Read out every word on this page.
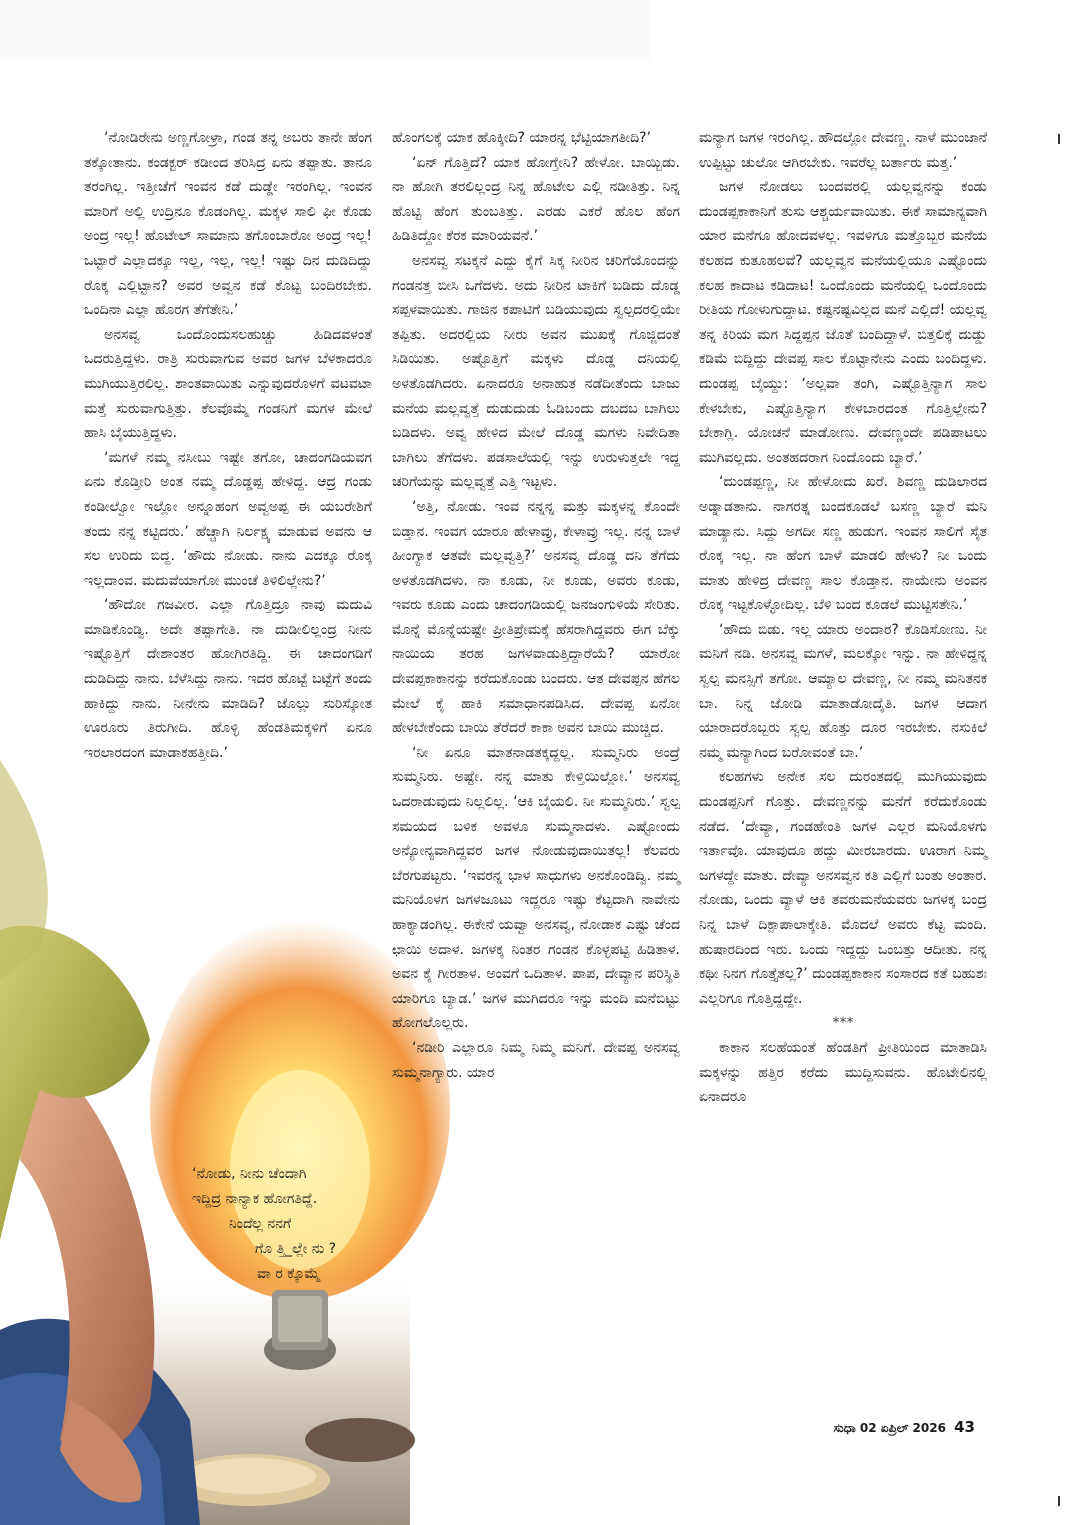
‘ನೋಡಿರೇನು ಅಣ್ಣಗೋಳ್ರಾ, ಗಂಡ ತನ್ನ ಅಬರು ತಾನೇ ಹೆಂಗ ತಕ್ಕೋತಾನು. ಕಂಡಕ್ಟರ್ ಕಡೀಂದ ತರಿಸಿದ್ರ ಏನು ತಪ್ಪಾತು. ತಾನೂ ತರಂಗಿಲ್ಲ. ಇತ್ತೀಚೆಗೆ ಇಂವನ ಕಡೆ ದುಡ್ಡೇ ಇರಂಗಿಲ್ಲ. ಇಂವನ ಮಾರಿಗೆ ಅಲ್ಲಿ ಉದ್ರಿನೂ ಕೊಡಂಗಿಲ್ಲ. ಮಕ್ಕಳ ಸಾಲಿ ಫೀ ಕೊಡು ಅಂದ್ರ ಇಲ್ಲ! ಹೊಟೇಲ್ ಸಾಮಾನು ತಗೊಂಬಾರೋ ಅಂದ್ರ ಇಲ್ಲ! ಒಟ್ಟಾರೆ ಎಲ್ಲಾದಕ್ಕೂ ಇಲ್ಲ, ಇಲ್ಲ, ಇಲ್ಲ! ಇಷ್ಟು ದಿನ ದುಡಿದಿದ್ದು ರೊಕ್ಕ ಎಲ್ಲಿಟ್ಟಾನ? ಅವರ ಅವ್ವನ ಕಡೆ ಕೊಟ್ಟ ಬಂದಿರಬೇಕು. ಒಂದಿನಾ ಎಲ್ಲಾ ಹೊರಗ ತೆಗೆತೇನಿ.’

ಅನಸವ್ವ ಒಂದೊಂದುಸಲಹುಚ್ಚು ಹಿಡಿದವಳಂತೆ ಒದರುತ್ತಿದ್ದಳು. ರಾತ್ರಿ ಸುರುವಾಗುವ ಅವರ ಜಗಳ ಬೆಳಕಾದರೂ ಮುಗಿಯುತ್ತಿರಲಿಲ್ಲ. ಶಾಂತವಾಯಿತು ಎನ್ನುವುದರೊಳಗೆ ವಟವಟಾ ಮತ್ತೆ ಸುರುವಾಗುತ್ತಿತ್ತು. ಕೆಲವೊಮ್ಮೆ ಗಂಡನಿಗೆ ಮಗಳ ಮೇಲೆ ಹಾಸಿ ಬೈಯುತ್ತಿದ್ದಳು.

‘ಮಗಳೆ ನಮ್ಮ ನಸೀಬು ಇಷ್ಟೇ ತಗೋ, ಚಾದಂಗಡಿಯವಗ ಏನು ಕೊಡ್ತೀರಿ ಅಂತ ನಮ್ಮ ದೊಡ್ಡಪ್ಪ ಹೇಳಿದ್ದ. ಆದ್ರ ಗಂಡು ಕಂಡೀಲ್ವೋ ಇಲ್ಲೋ ಅನ್ನೂಹಂಗ ಅವ್ವಅಪ್ಪ ಈ ಯಬರೇಶಿಗೆ ತಂದು ನನ್ನ ಕಟ್ಟಿದರು.’ ಹೆಚ್ಚಾಗಿ ನಿರ್ಲಕ್ಷ್ಯ ಮಾಡುವ ಅವನು ಆ ಸಲ ಉರಿದು ಬಿದ್ದ. ‘ಹೌದು ನೋಡು. ನಾನು ಎದಕ್ಕೂ ರೊಕ್ಕ ಇಲ್ಲದಾಂವ. ಮದುವೆಯಾಗೋ ಮುಂಚೆ ತಿಳಿಲಿಲ್ಲೇನು?’

‘ಹೌದೋ ಗಜವೀರ. ಎಲ್ಲಾ ಗೊತ್ತಿದ್ರೂ ನಾವು ಮದುವಿ ಮಾಡಿಕೊಂಡ್ವಿ. ಅದೇ ತಪ್ಪಾಗೇತಿ. ನಾ ದುಡೀಲಿಲ್ಲಂದ್ರ ನೀನು ಇಷ್ಟೊತ್ತಿಗೆ ದೇಶಾಂತರ ಹೋಗಿರತಿದ್ದಿ. ಈ ಚಾದಂಗಡಿಗೆ ದುಡಿದಿದ್ದು ನಾನು. ಬೆಳೆಸಿದ್ದು ನಾನು. ಇದರ ಹೊಟ್ಟೆ ಬಟ್ಟೆಗೆ ತಂದು ಹಾಕಿದ್ದು ನಾನು. ನೀನೇನು ಮಾಡಿದಿ? ಜೊಲ್ಲು ಸುರಿಸ್ಕೋತ ಊರೂರು ತಿರುಗೀದಿ. ಹೊಳ್ಳಿ ಹೆಂಡತಿಮಕ್ಕಳಿಗೆ ಏನೂ ಇರಲಾರದಂಗ ಮಾಡಾಕಹತ್ತೀದಿ.’

‘ನೋಡು, ನೀನು ಚೆಂದಾಗಿ
ಇದ್ದಿದ್ರ ನಾನ್ಯಾಕ ಹೋಗತಿದ್ದೆ.
ನಿಂದೆಲ್ಲ ನನಗೆ
ಗೊ ತ್ತಿ_ಲ್ಲೇ ನು ?
ವಾ ರ ಕ್ಕೊಮ್ಮೆ

ಹೊಂಗಲಕ್ಕೆ ಯಾಕ ಹೊಕ್ಕೀದಿ? ಯಾರನ್ನ ಭೆಟ್ಟಿಯಾಗತೀದಿ?’

‘ಏನ್ ಗೊತ್ತಿದೆ? ಯಾಕ ಹೋಗ್ತೇನಿ? ಹೇಳೋ. ಬಾಯ್ಬಿಡು. ನಾ ಹೋಗಿ ತರಲಿಲ್ಲಂದ್ರ ನಿನ್ನ ಹೊಟೇಲ ಎಲ್ಲಿ ನಡೀತಿತ್ತು. ನಿನ್ನ ಹೊಟ್ಟಿ ಹೆಂಗ ತುಂಬತಿತ್ತು. ಎರಡು ಎಕರೆ ಹೊಲ ಹೆಂಗ ಹಿಡಿತಿದ್ದೋ ಕೆರಕ ಮಾರಿಯವನೆ.’

ಅನಸವ್ವ ಸಟಕ್ಕನೆ ಎದ್ದು ಕೈಗೆ ಸಿಕ್ಕ ನೀರಿನ ಚರಿಗೆಯೊಂದನ್ನು ಗಂಡನತ್ತ ಬೀಸಿ ಒಗೆದಳು. ಅದು ನೀರಿನ ಟಾಕಿಗೆ ಬಡಿದು ದೊಡ್ಡ ಸಪ್ಪಳವಾಯಿತು. ಗಾಜಿನ ಕಪಾಟಿಗೆ ಬಡಿಯುವುದು ಸ್ವಲ್ಪದರಲ್ಲಿಯೇ ತಪ್ಪಿತು. ಅದರಲ್ಲಿಯ ನೀರು ಅವನ ಮುಖಕ್ಕೆ ಗೊಜ್ಜಿದಂತೆ ಸಿಡಿಯಿತು. ಅಷ್ಟೊತ್ತಿಗೆ ಮಕ್ಕಳು ದೊಡ್ಡ ದನಿಯಲ್ಲಿ ಅಳತೊಡಗಿದರು. ಏನಾದರೂ ಅನಾಹುತ ನಡೆದೀತೆಂದು ಬಾಜು ಮನೆಯ ಮಲ್ಲವ್ವತ್ತೆ ದುಡುದುಡು ಓಡಿಬಂದು ದಬದಬ ಬಾಗಿಲು ಬಡಿದಳು. ಅವ್ವ ಹೇಳಿದ ಮೇಲೆ ದೊಡ್ಡ ಮಗಳು ನಿವೇದಿತಾ ಬಾಗಿಲು ತೆಗೆದಳು. ಪಡಸಾಲೆಯಲ್ಲಿ ಇನ್ನು ಉರುಳುತ್ತಲೇ ಇದ್ದ ಚರಿಗೆಯನ್ನು ಮಲ್ಲವ್ವತ್ತೆ ಎತ್ತಿ ಇಟ್ಟಳು.

‘ಅತ್ತಿ, ನೋಡು. ಇಂವ ನನ್ನನ್ನ ಮತ್ತು ಮಕ್ಕಳನ್ನ ಕೊಂದೇ ಬಿಡ್ತಾನ. ಇಂವಗ ಯಾರೂ ಹೇಳಾವ್ರು, ಕೇಳಾವ್ರು ಇಲ್ಲ. ನನ್ನ ಬಾಳೆ ಹೀಂಗ್ಯಾಕ ಆತವೇ ಮಲ್ಲವ್ವತ್ತಿ?’ ಅನಸವ್ವ ದೊಡ್ಡ ದನಿ ತೆಗೆದು ಅಳತೊಡಗಿದಳು. ನಾ ಕೂಡು, ನೀ ಕೂಡು, ಅವರು ಕೂಡು, ಇವರು ಕೂಡು ಎಂದು ಚಾದಂಗಡಿಯಲ್ಲಿ ಜನಜಂಗುಳಿಯೆ ಸೇರಿತು. ಮೊನ್ನೆ ಮೊನ್ನೆಯಷ್ಟೇ ಪ್ರೀತಿಪ್ರೇಮಕ್ಕೆ ಹೆಸರಾಗಿದ್ದವರು ಈಗ ಬೆಕ್ಕು ನಾಯಿಯ ತರಹ ಜಗಳವಾಡುತ್ತಿದ್ದಾರೆಯೆ? ಯಾರೋ ದೇವಪ್ಪಕಾಕಾನನ್ನು ಕರೆದುಕೊಂಡು ಬಂದರು. ಆತ ದೇವಪ್ಪನ ಹೆಗಲ ಮೇಲೆ ಕೈ ಹಾಕಿ ಸಮಾಧಾನಪಡಿಸಿದ. ದೇವಪ್ಪ ಏನೋ ಹೇಳಬೇಕೆಂದು ಬಾಯಿ ತೆರೆದರೆ ಕಾಕಾ ಅವನ ಬಾಯಿ ಮುಚ್ಚಿದ.

‘ನೀ ಏನೂ ಮಾತನಾಡತಕ್ಕದ್ದಲ್ಲ. ಸುಮ್ಮನಿರು ಅಂದ್ರೆ ಸುಮ್ಮನಿರು. ಅಷ್ಟೇ. ನನ್ನ ಮಾತು ಕೇಳ್ತಿಯಿಲ್ಲೋ.’ ಅನಸವ್ವ ಒದರಾಡುವುದು ನಿಲ್ಲಲಿಲ್ಲ. ‘ಆಕಿ ಬೈಯಲಿ. ನೀ ಸುಮ್ಮನಿರು.’ ಸ್ವಲ್ಪ ಸಮಯದ ಬಳಿಕ ಅವಳೂ ಸುಮ್ಮನಾದಳು. ಎಷ್ಟೋಂದು ಅನ್ಯೋನ್ಯವಾಗಿದ್ದವರ ಜಗಳ ನೋಡುವುದಾಯಿತಲ್ಲ! ಕೆಲವರು ಬೆರಗುಪಟ್ಟರು. ‘ಇವರನ್ನ ಭಾಳ ಸಾಧುಗಳು ಅನಕೊಂಡಿದ್ವಿ. ನಮ್ಮ ಮನಿಯೊಳಗ ಜಗಳಜೂಟು ಇದ್ದರೂ ಇಷ್ಟು ಕೆಟ್ಟದಾಗಿ ನಾವೇನು ಹಾಕ್ಯಾಡಂಗಿಲ್ಲ. ಈಕೇನೆ ಯವ್ವಾ ಅನಸವ್ವ, ನೋಡಾಕ ಎಷ್ಟು ಚೆಂದ ಛಾಯಿ ಅದಾಳ. ಜಗಳಕ್ಕ ನಿಂತರ ಗಂಡನ ಕೊಳ್ಳಪಟ್ಟಿ ಹಿಡಿತಾಳ. ಅವನ ಕೈ ಗೀರತಾಳ. ಅಂವಗೆ ಒದಿತಾಳ. ಪಾಪ, ದೇವ್ಯಾನ ಪರಿಸ್ಥಿತಿ ಯಾರಿಗೂ ಬ್ಯಾಡ.’ ಜಗಳ ಮುಗಿದರೂ ಇನ್ನು ಮಂದಿ ಮನೆಬಿಟ್ಟು ಹೋಗಲೊಲ್ಲರು.

‘ನಡೀರಿ ಎಲ್ಲಾರೂ ನಿಮ್ಮ ನಿಮ್ಮ ಮನಿಗೆ. ದೇವಪ್ಪ ಅನಸವ್ವ ಸುಮ್ಮನಾಗ್ಯಾರು. ಯಾರ

ಮನ್ಯಾಗ ಜಗಳ ಇರಂಗಿಲ್ಲ. ಹೌದಲ್ಲೋ ದೇವಣ್ಣ. ನಾಳೆ ಮುಂಜಾನೆ ಉಪ್ಪಿಟ್ಟು ಚುಲೋ ಆಗಿರಬೇಕು. ಇವರೆಲ್ಲ ಬರ್ತಾರು ಮತ್ತ.’

ಜಗಳ ನೋಡಲು ಬಂದವರಲ್ಲಿ ಯಲ್ಲವ್ವನನ್ನು ಕಂಡು ದುಂಡಪ್ಪಕಾಕಾನಿಗೆ ತುಸು ಆಶ್ಚರ್ಯವಾಯಿತು. ಈಕೆ ಸಾಮಾನ್ಯವಾಗಿ ಯಾರ ಮನೆಗೂ ಹೋದವಳಲ್ಲ. ಇವಳಿಗೂ ಮತ್ತೊಬ್ಬರ ಮನೆಯ ಕಲಹದ ಕುತೂಹಲವೆ? ಯಲ್ಲವ್ವನ ಮನೆಯಲ್ಲಿಯೂ ಎಷ್ಟೊಂದು ಕಲಹ ಕಾದಾಟ ಕಡಿದಾಟ! ಒಂದೊಂದು ಮನೆಯಲ್ಲಿ ಒಂದೊಂದು ರೀತಿಯ ಗೋಳುಗುದ್ದಾಟ. ಕಷ್ಟನಷ್ಟವಿಲ್ಲದ ಮನೆ ಎಲ್ಲಿದೆ! ಯಲ್ಲವ್ವ ತನ್ನ ಕಿರಿಯ ಮಗ ಸಿದ್ದಪ್ಪನ ಜೊತೆ ಬಂದಿದ್ದಾಳೆ. ಬಿತ್ತಲಿಕ್ಕೆ ದುಡ್ಡು ಕಡಿಮೆ ಬಿದ್ದಿದ್ದು ದೇವಪ್ಪ ಸಾಲ ಕೊಟ್ಟಾನೇನು ಎಂದು ಬಂದಿದ್ದಳು. ದುಂಡಪ್ಪ ಬೈಯ್ದು: ‘ಅಲ್ಲವಾ ತಂಗಿ, ಎಷ್ಟೊತ್ತಿನ್ಯಾಗ ಸಾಲ ಕೇಳಬೇಕು, ಎಷ್ಟೊತ್ತಿನ್ಯಾಗ ಕೇಳಬಾರದಂತ ಗೊತ್ತಿಲ್ಲೇನು? ಬೇಕಾಗ್ಲಿ. ಯೋಚನೆ ಮಾಡೋಣು. ದೇವಣ್ಣಂದೇ ಪಡಿಪಾಟಲು ಮುಗಿವಲ್ಲದು. ಅಂತಹದರಾಗ ನಿಂದೊಂದು ಬ್ಯಾರೆ.’

‘ದುಂಡಪ್ಪಣ್ಣ, ನೀ ಹೇಳೋದು ಖರೆ. ಶಿವಣ್ಣ ದುಡಿಲಾರದ ಅಡ್ನಾಡತಾನು. ನಾಗರತ್ನ ಬಂದಕೂಡಲೆ ಬಸಣ್ಣ ಬ್ಯಾರೆ ಮನಿ ಮಾಡ್ಯಾನು. ಸಿದ್ದು ಅಗದೀ ಸಣ್ಣ ಹುಡುಗ. ಇಂವನ ಸಾಲಿಗೆ ಸೈತ ರೊಕ್ಕ ಇಲ್ಲ. ನಾ ಹೆಂಗ ಬಾಳೆ ಮಾಡಲಿ ಹೇಳು? ನೀ ಒಂದು ಮಾತು ಹೇಳಿದ್ರ ದೇವಣ್ಣ ಸಾಲ ಕೊಡ್ತಾನ. ನಾಯೇನು ಅಂವನ ರೊಕ್ಕ ಇಟ್ಟಕೊಳ್ಳೋದಿಲ್ಲ. ಬೆಳಿ ಬಂದ ಕೂಡಲೆ ಮುಟ್ಟಿಸತೇನಿ.’

‘ಹೌದು ಬಿಡು. ಇಲ್ಲ ಯಾರು ಅಂದಾರ? ಕೊಡಿಸೋಣು. ನೀ ಮನಿಗೆ ನಡಿ. ಅನಸವ್ವ ಮಗಳೆ, ಮಲಕ್ಕೋ ಇನ್ನು. ನಾ ಹೇಳಿದ್ದನ್ನ ಸ್ವಲ್ಪ ಮನಸ್ಸಿಗೆ ತಗೋ. ಆಮ್ಯಾಲ ದೇವಣ್ಣ, ನೀ ನಮ್ಮ ಮನಿತನಕ ಬಾ. ನಿನ್ನ ಜೋಡಿ ಮಾತಾಡೋದೈತಿ. ಜಗಳ ಆದಾಗ ಯಾರಾದರೊಬ್ಬರು ಸ್ವಲ್ಪ ಹೊತ್ತು ದೂರ ಇರಬೇಕು. ನಸುಕಿಲೆ ನಮ್ಮ ಮನ್ಯಾಗಿಂದ ಬರೋವಂತೆ ಬಾ.’

ಕಲಹಗಳು ಅನೇಕ ಸಲ ದುರಂತದಲ್ಲಿ ಮುಗಿಯುವುದು ದುಂಡಪ್ಪನಿಗೆ ಗೊತ್ತು. ದೇವಣ್ಣನನ್ನು ಮನೆಗೆ ಕರೆದುಕೊಂಡು ನಡೆದ. ‘ದೇವ್ಯಾ, ಗಂಡಹೇಂತಿ ಜಗಳ ಎಲ್ಲರ ಮನಿಯೊಳಗು ಇರ್ತಾವೊ. ಯಾವುದೂ ಹದ್ದು ಮೀರಬಾರದು. ಊರಾಗ ನಿಮ್ಮ ಜಗಳದ್ದೇ ಮಾತು. ದೇವ್ಯಾ ಅನಸವ್ವನ ಕತಿ ಎಲ್ಲಿಗೆ ಬಂತು ಅಂತಾರ. ನೋಡು, ಒಂದು ವ್ಯಾಳೆ ಆಕಿ ತವರುಮನೆಯವರು ಜಗಳಕ್ಕ ಬಂದ್ರ ನಿನ್ನ ಬಾಳೆ ದಿಕ್ಪಾಪಾಲಾಕ್ಕೇತಿ. ಮೊದಲೆ ಅವರು ಕೆಟ್ಟ ಮಂದಿ. ಹುಷಾರದಿಂದ ಇರು. ಒಂದು ಇದ್ದದ್ದು ಒಂಬತ್ತು ಆದೀತು. ನನ್ನ ಕಥೀ ನಿನಗ ಗೊತ್ತೈತಲ್ಲ?’ ದುಂಡಪ್ಪಕಾಕಾನ ಸಂಸಾರದ ಕತೆ ಬಹುಶಃ ಎಲ್ಲರಿಗೂ ಗೊತ್ತಿದ್ದದ್ದೇ.

***

ಕಾಕಾನ ಸಲಹೆಯಂತೆ ಹೆಂಡತಿಗೆ ಪ್ರೀತಿಯಿಂದ ಮಾತಾಡಿಸಿ ಮಕ್ಕಳನ್ನು ಹತ್ತಿರ ಕರೆದು ಮುದ್ದಿಸುವನು. ಹೊಟೇಲಿನಲ್ಲಿ ಏನಾದರೂ

ಸುಧಾ 02 ಏಪ್ರಿಲ್ 2026 43
